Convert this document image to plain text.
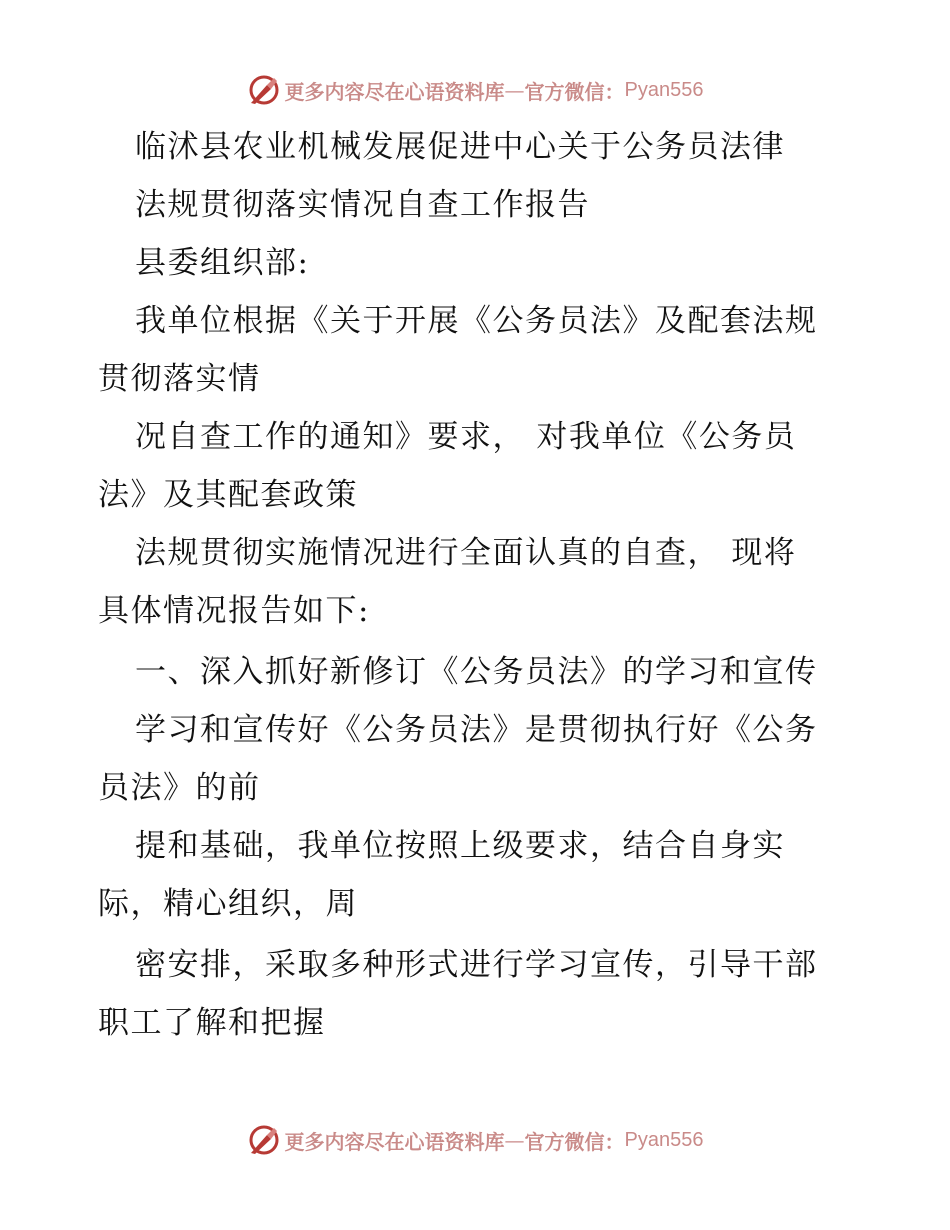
更多内容尽在心语资料库 — 官方微信： Pyan556
临沭县农业机械发展促进中心关于公务员法律
法规贯彻落实情况自查工作报告
县委组织部:
我单位根据《关于开展《公务员法》及配套法规
贯彻落实情
况自查工作的通知》要求， 对我单位《公务员
法》及其配套政策
法规贯彻实施情况进行全面认真的自查， 现将
具体情况报告如下:
一、深入抓好新修订《公务员法》的学习和宣传
学习和宣传好《公务员法》是贯彻执行好《公务
员法》的前
提和基础，我单位按照上级要求，结合自身实
际，精心组织，周
密安排，采取多种形式进行学习宣传，引导干部
职工了解和把握
更多内容尽在心语资料库 — 官方微信： Pyan556
